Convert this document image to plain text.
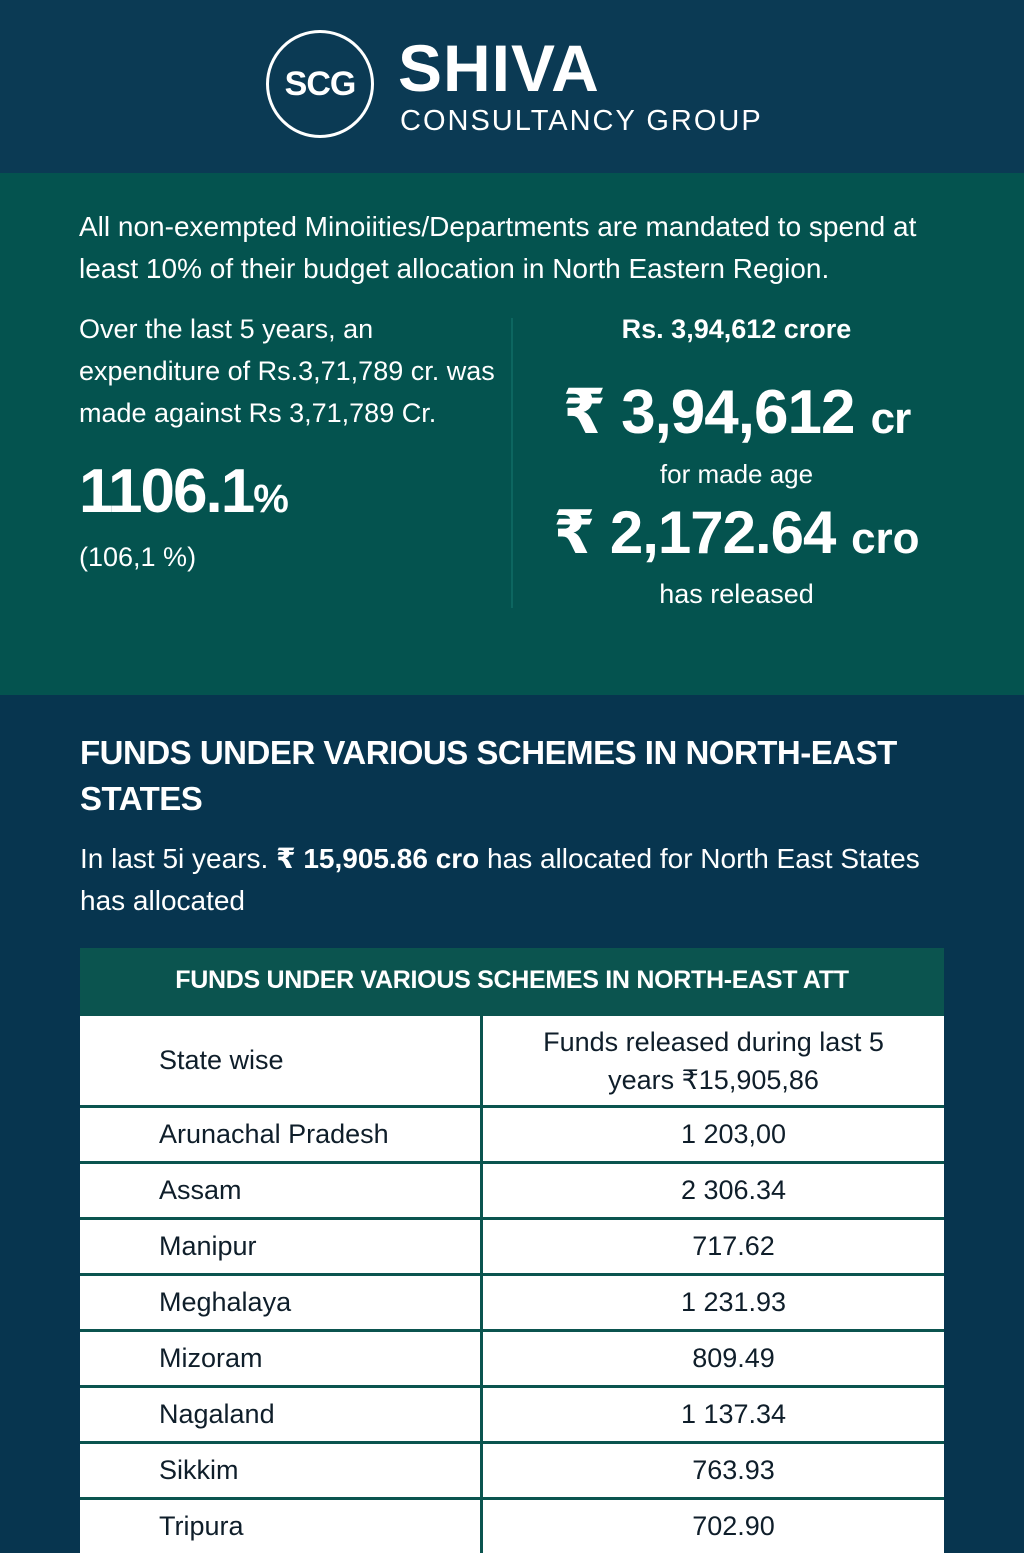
SCG SHIVA
CONSULTANCY GROUP
All non-exempted Minoiities/Departments are mandated to spend at least 10% of their budget allocation in North Eastern Region.
Over the last 5 years, an expenditure of Rs.3,71,789 cr. was made against Rs 3,71,789 Cr.
1106.1%
(106,1 %)
Rs. 3,94,612 crore
₹ 3,94,612 cr
for made age
₹ 2,172.64 cro
has released
FUNDS UNDER VARIOUS SCHEMES IN NORTH-EAST STATES
In last 5i years. ₹ 15,905.86 cro has allocated for North East States has allocated
FUNDS UNDER VARIOUS SCHEMES IN NORTH-EAST ATT
State wise
Funds released during last 5 years ₹15,905,86
Arunachal Pradesh	1 203,00
Assam	2 306.34
Manipur	717.62
Meghalaya	1 231.93
Mizoram	809.49
Nagaland	1 137.34
Sikkim	763.93
Tripura	702.90
